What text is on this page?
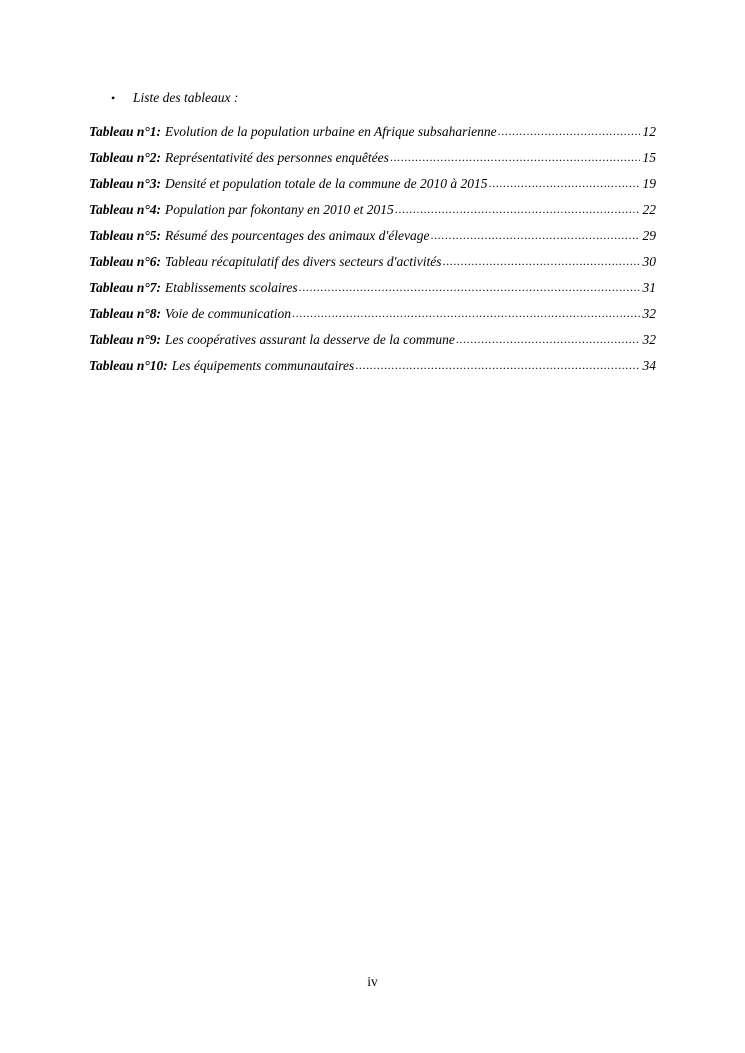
•	Liste des tableaux :
Tableau n°1: Evolution de la population urbaine en Afrique subsaharienne .....	12
Tableau n°2: Représentativité des personnes enquêtées .....	15
Tableau n°3: Densité et population totale de la commune de 2010 à 2015 .....	19
Tableau n°4: Population par fokontany en 2010 et 2015 .....	22
Tableau n°5: Résumé des pourcentages des animaux d'élevage .....	29
Tableau n°6: Tableau récapitulatif des divers secteurs d'activités .....	30
Tableau n°7: Etablissements scolaires .....	31
Tableau n°8: Voie de communication .....	32
Tableau n°9: Les coopératives assurant la desserve de la commune .....	32
Tableau n°10: Les équipements communautaires .....	34
iv
